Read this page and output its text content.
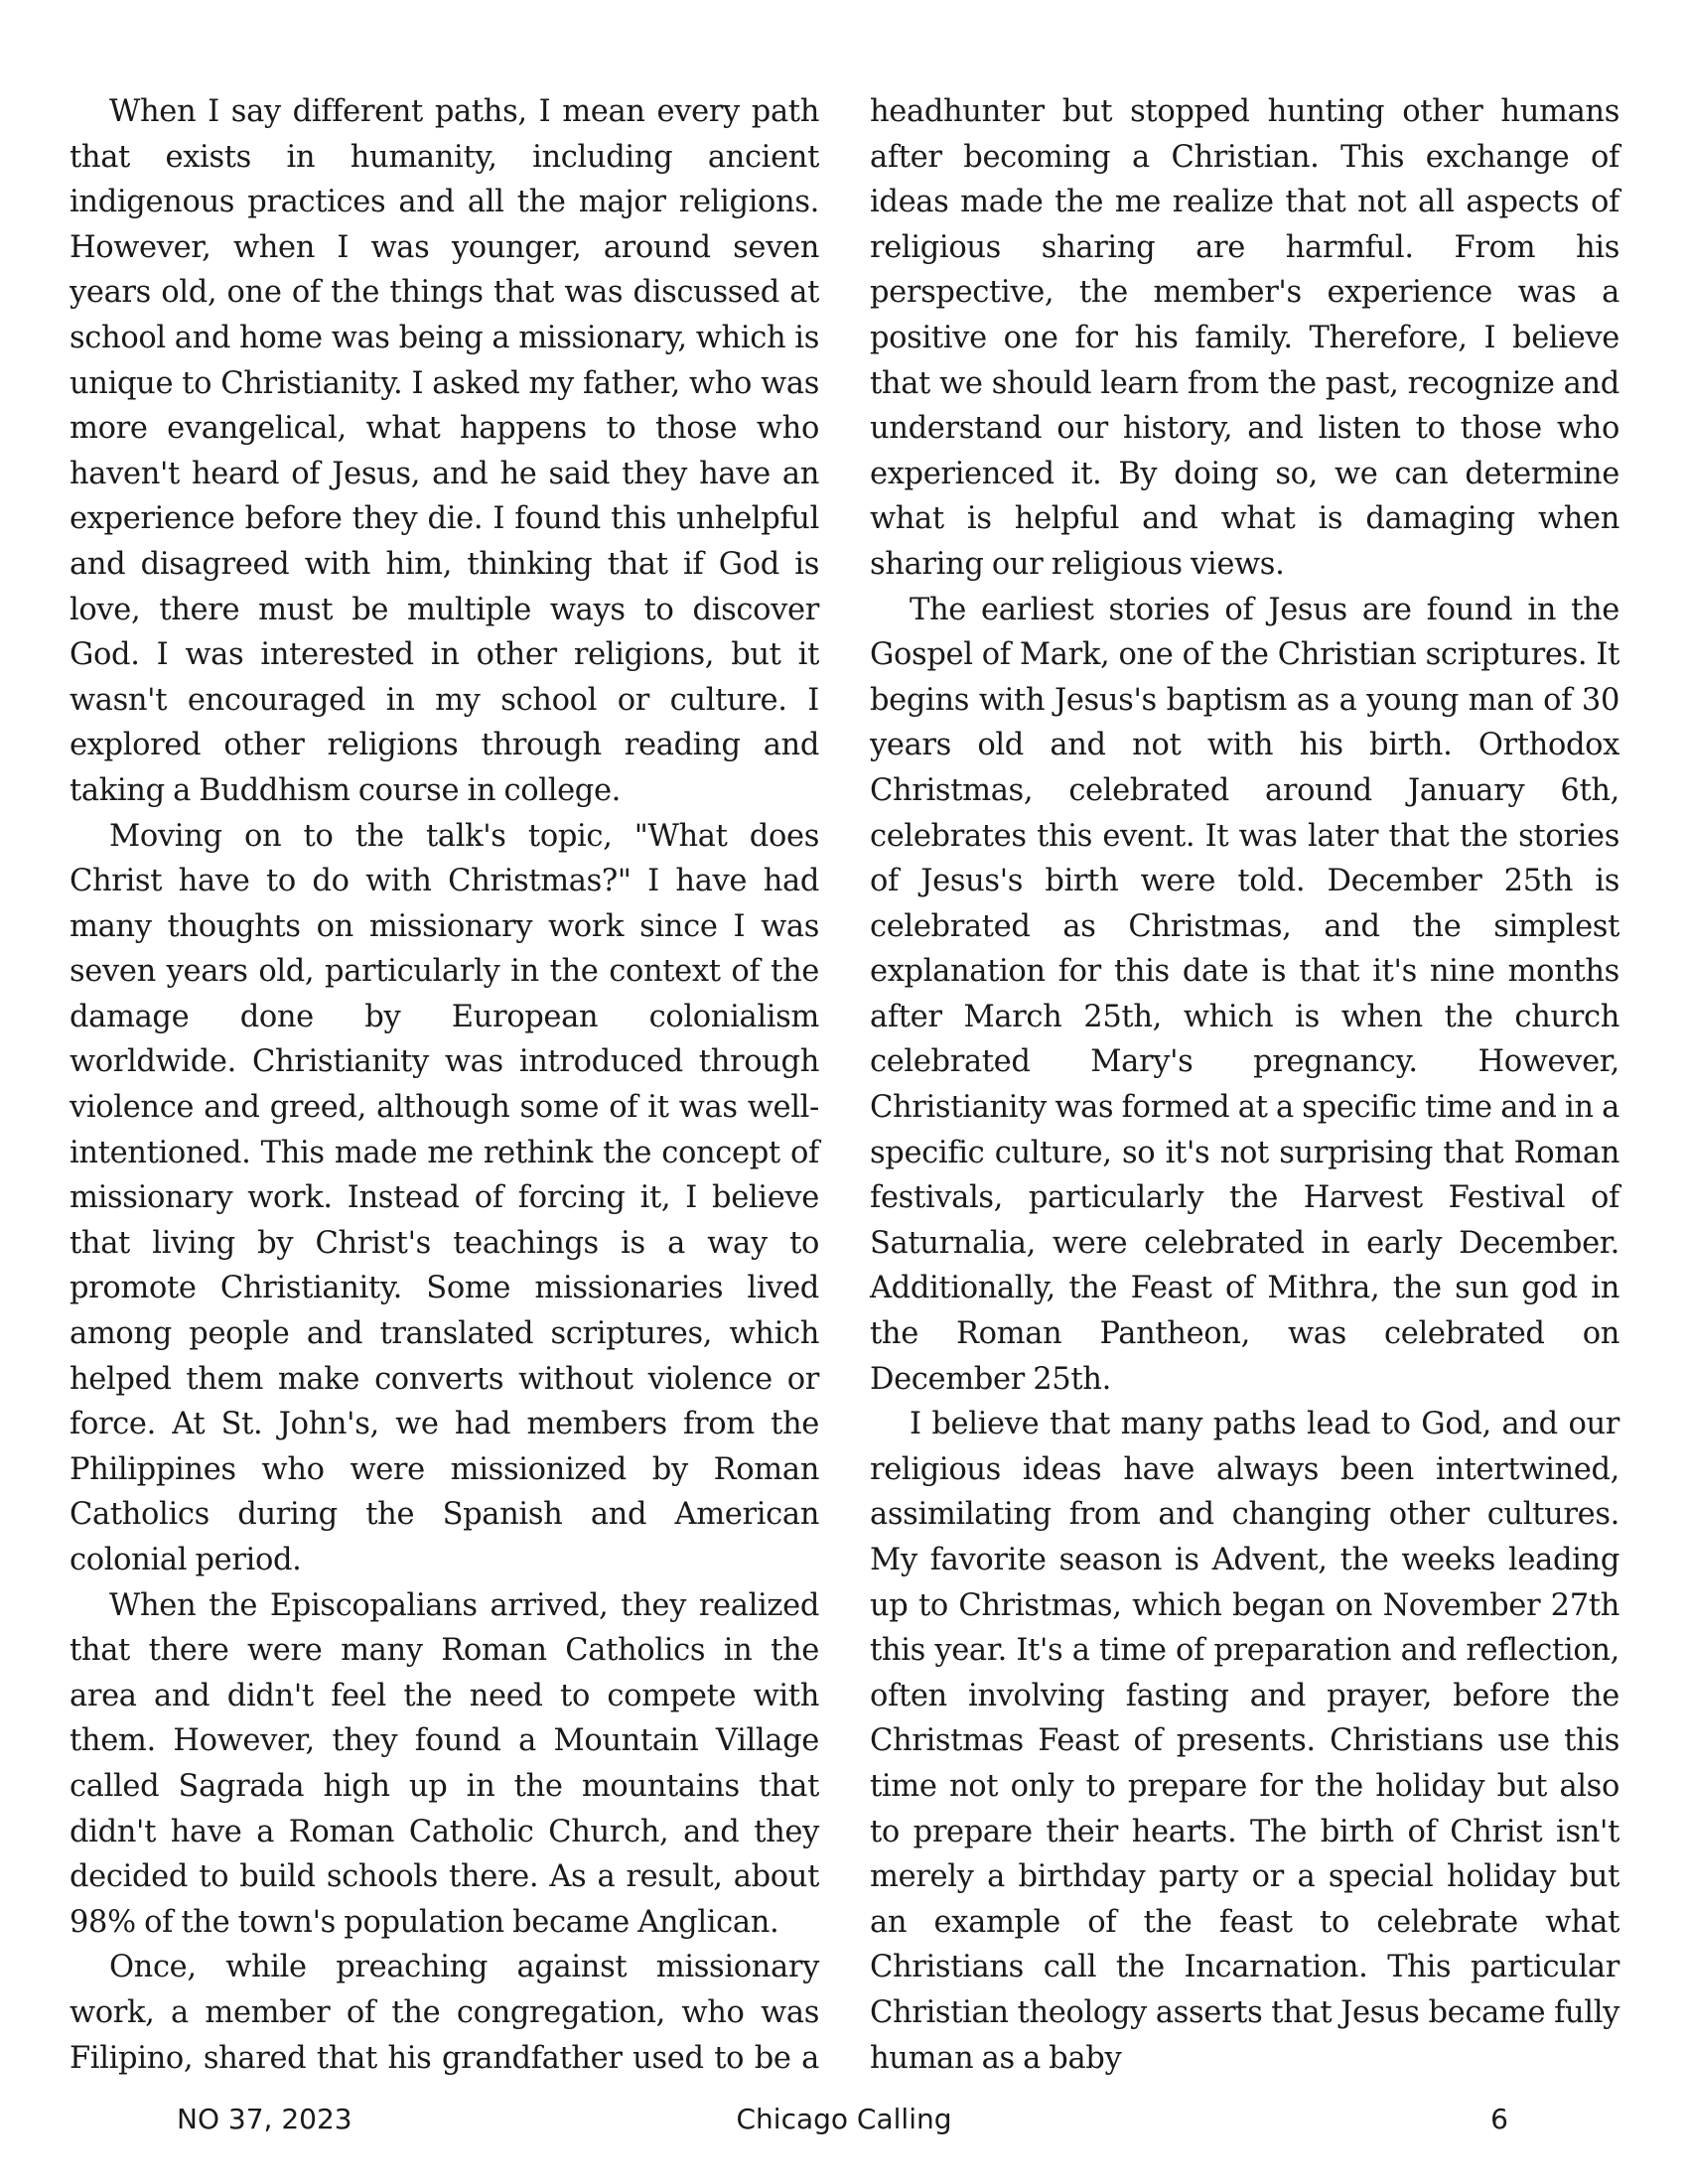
When I say different paths, I mean every path that exists in humanity, including ancient indigenous practices and all the major religions. However, when I was younger, around seven years old, one of the things that was discussed at school and home was being a missionary, which is unique to Christianity. I asked my father, who was more evangelical, what happens to those who haven't heard of Jesus, and he said they have an experience before they die. I found this unhelpful and disagreed with him, thinking that if God is love, there must be multiple ways to discover God. I was interested in other religions, but it wasn't encouraged in my school or culture. I explored other religions through reading and taking a Buddhism course in college.

Moving on to the talk's topic, "What does Christ have to do with Christmas?" I have had many thoughts on missionary work since I was seven years old, particularly in the context of the damage done by European colonialism worldwide. Christianity was introduced through violence and greed, although some of it was well-intentioned. This made me rethink the concept of missionary work. Instead of forcing it, I believe that living by Christ's teachings is a way to promote Christianity. Some missionaries lived among people and translated scriptures, which helped them make converts without violence or force. At St. John's, we had members from the Philippines who were missionized by Roman Catholics during the Spanish and American colonial period.

When the Episcopalians arrived, they realized that there were many Roman Catholics in the area and didn't feel the need to compete with them. However, they found a Mountain Village called Sagrada high up in the mountains that didn't have a Roman Catholic Church, and they decided to build schools there. As a result, about 98% of the town's population became Anglican.

Once, while preaching against missionary work, a member of the congregation, who was Filipino, shared that his grandfather used to be a

headhunter but stopped hunting other humans after becoming a Christian. This exchange of ideas made the me realize that not all aspects of religious sharing are harmful. From his perspective, the member's experience was a positive one for his family. Therefore, I believe that we should learn from the past, recognize and understand our history, and listen to those who experienced it. By doing so, we can determine what is helpful and what is damaging when sharing our religious views.

The earliest stories of Jesus are found in the Gospel of Mark, one of the Christian scriptures. It begins with Jesus's baptism as a young man of 30 years old and not with his birth. Orthodox Christmas, celebrated around January 6th, celebrates this event. It was later that the stories of Jesus's birth were told. December 25th is celebrated as Christmas, and the simplest explanation for this date is that it's nine months after March 25th, which is when the church celebrated Mary's pregnancy. However, Christianity was formed at a specific time and in a specific culture, so it's not surprising that Roman festivals, particularly the Harvest Festival of Saturnalia, were celebrated in early December. Additionally, the Feast of Mithra, the sun god in the Roman Pantheon, was celebrated on December 25th.

I believe that many paths lead to God, and our religious ideas have always been intertwined, assimilating from and changing other cultures. My favorite season is Advent, the weeks leading up to Christmas, which began on November 27th this year. It's a time of preparation and reflection, often involving fasting and prayer, before the Christmas Feast of presents. Christians use this time not only to prepare for the holiday but also to prepare their hearts. The birth of Christ isn't merely a birthday party or a special holiday but an example of the feast to celebrate what Christians call the Incarnation. This particular Christian theology asserts that Jesus became fully human as a baby

NO 37, 2023	Chicago Calling	6
